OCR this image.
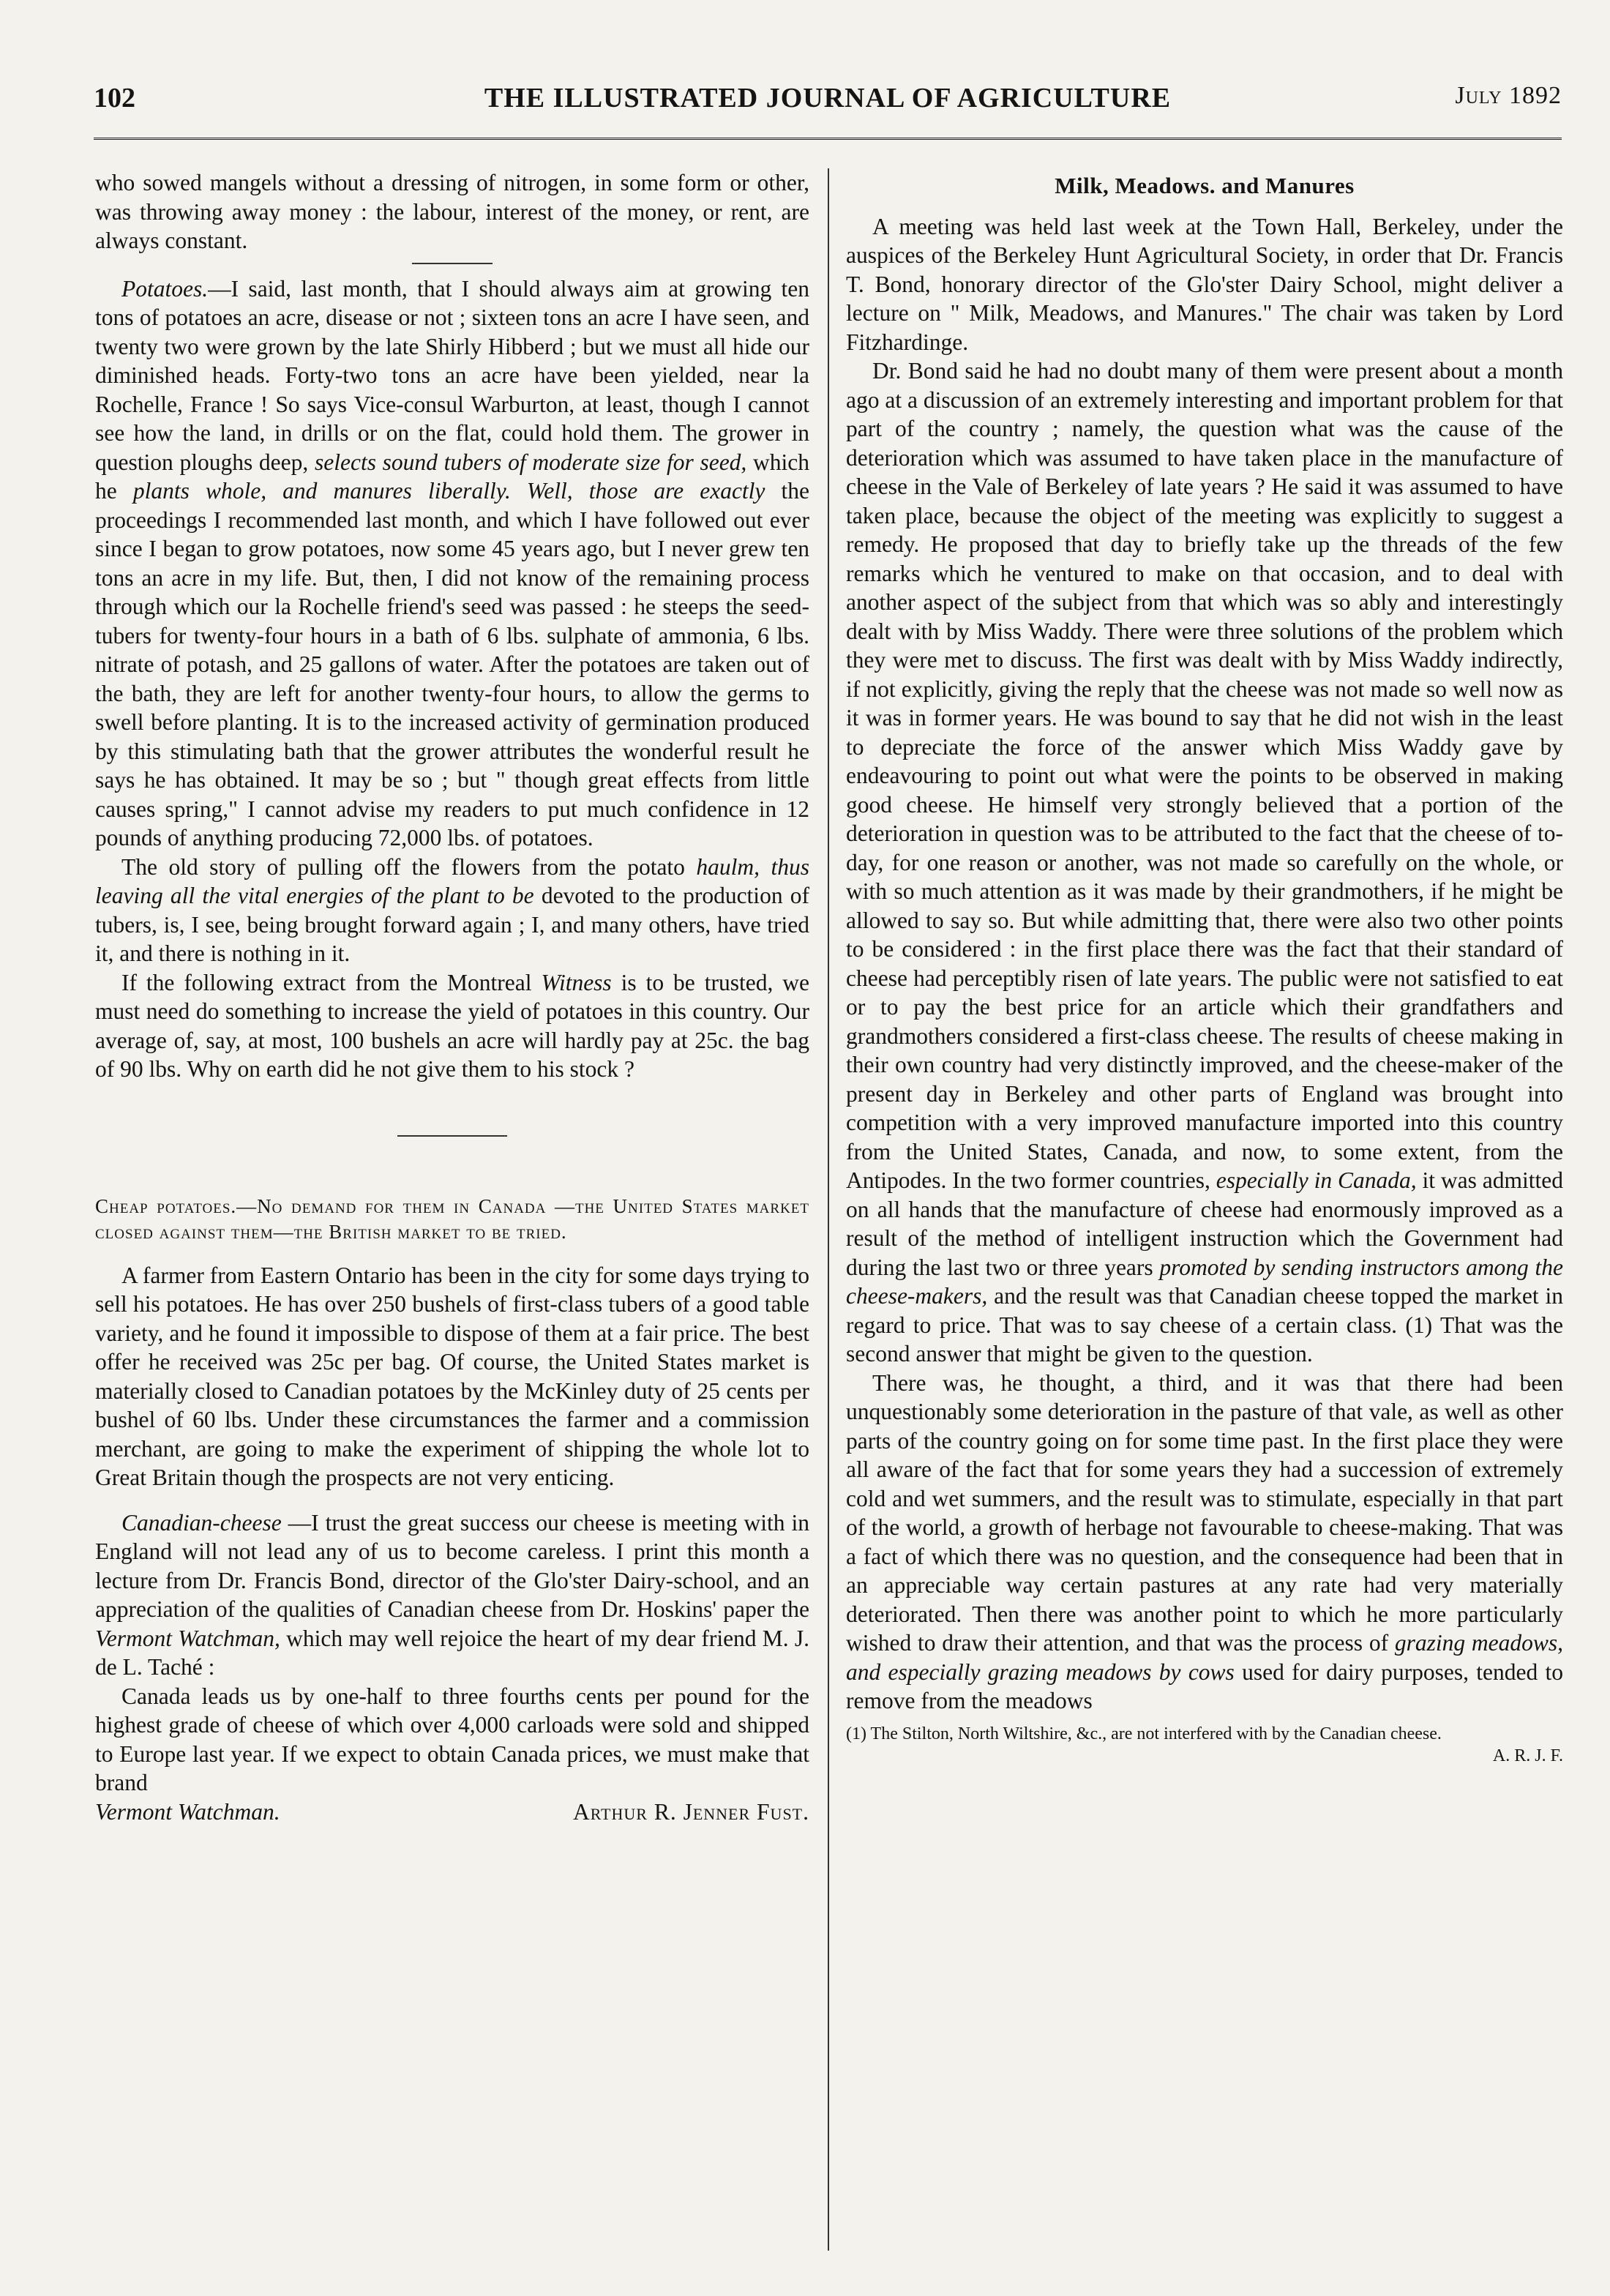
102	THE ILLUSTRATED JOURNAL OF AGRICULTURE	July 1892

who sowed mangels without a dressing of nitrogen, in some form or other, was throwing away money : the labour, interest of the money, or rent, are always constant.

Potatoes.—I said, last month, that I should always aim at growing ten tons of potatoes an acre, disease or not ; sixteen tons an acre I have seen, and twenty two were grown by the late Shirly Hibberd ; but we must all hide our diminished heads. Forty-two tons an acre have been yielded, near la Rochelle, France ! So says Vice-consul Warburton, at least, though I cannot see how the land, in drills or on the flat, could hold them. The grower in question ploughs deep, selects sound tubers of moderate size for seed, which he plants whole, and manures liberally. Well, those are exactly the proceedings I recommended last month, and which I have followed out ever since I began to grow potatoes, now some 45 years ago, but I never grew ten tons an acre in my life. But, then, I did not know of the remaining process through which our la Rochelle friend's seed was passed : he steeps the seed-tubers for twenty-four hours in a bath of 6 lbs. sulphate of ammonia, 6 lbs. nitrate of potash, and 25 gallons of water. After the potatoes are taken out of the bath, they are left for another twenty-four hours, to allow the germs to swell before planting. It is to the increased activity of germination produced by this stimulating bath that the grower attributes the wonderful result he says he has obtained. It may be so ; but " though great effects from little causes spring," I cannot advise my readers to put much confidence in 12 pounds of anything producing 72,000 lbs. of potatoes.

The old story of pulling off the flowers from the potato haulm, thus leaving all the vital energies of the plant to be devoted to the production of tubers, is, I see, being brought forward again ; I, and many others, have tried it, and there is nothing in it.

If the following extract from the Montreal Witness is to be trusted, we must need do something to increase the yield of potatoes in this country. Our average of, say, at most, 100 bushels an acre will hardly pay at 25c. the bag of 90 lbs. Why on earth did he not give them to his stock ?

Cheap potatoes.—No demand for them in Canada —the United States market closed against them—the British market to be tried.

A farmer from Eastern Ontario has been in the city for some days trying to sell his potatoes. He has over 250 bushels of first-class tubers of a good table variety, and he found it impossible to dispose of them at a fair price. The best offer he received was 25c per bag. Of course, the United States market is materially closed to Canadian potatoes by the McKinley duty of 25 cents per bushel of 60 lbs. Under these circumstances the farmer and a commission merchant, are going to make the experiment of shipping the whole lot to Great Britain though the prospects are not very enticing.

Canadian-cheese —I trust the great success our cheese is meeting with in England will not lead any of us to become careless. I print this month a lecture from Dr. Francis Bond, director of the Glo'ster Dairy-school, and an appreciation of the qualities of Canadian cheese from Dr. Hoskins' paper the Vermont Watchman, which may well rejoice the heart of my dear friend M. J. de L. Taché :

Canada leads us by one-half to three fourths cents per pound for the highest grade of cheese of which over 4,000 carloads were sold and shipped to Europe last year. If we expect to obtain Canada prices, we must make that brand

Vermont Watchman.	Arthur R. Jenner Fust.
Milk, Meadows. and Manures

A meeting was held last week at the Town Hall, Berkeley, under the auspices of the Berkeley Hunt Agricultural Society, in order that Dr. Francis T. Bond, honorary director of the Glo'ster Dairy School, might deliver a lecture on " Milk, Meadows, and Manures." The chair was taken by Lord Fitzhardinge.

Dr. Bond said he had no doubt many of them were present about a month ago at a discussion of an extremely interesting and important problem for that part of the country ; namely, the question what was the cause of the deterioration which was assumed to have taken place in the manufacture of cheese in the Vale of Berkeley of late years ? He said it was assumed to have taken place, because the object of the meeting was explicitly to suggest a remedy. He proposed that day to briefly take up the threads of the few remarks which he ventured to make on that occasion, and to deal with another aspect of the subject from that which was so ably and interestingly dealt with by Miss Waddy. There were three solutions of the problem which they were met to discuss. The first was dealt with by Miss Waddy indirectly, if not explicitly, giving the reply that the cheese was not made so well now as it was in former years. He was bound to say that he did not wish in the least to depreciate the force of the answer which Miss Waddy gave by endeavouring to point out what were the points to be observed in making good cheese. He himself very strongly believed that a portion of the deterioration in question was to be attributed to the fact that the cheese of to-day, for one reason or another, was not made so carefully on the whole, or with so much attention as it was made by their grandmothers, if he might be allowed to say so. But while admitting that, there were also two other points to be considered : in the first place there was the fact that their standard of cheese had perceptibly risen of late years. The public were not satisfied to eat or to pay the best price for an article which their grandfathers and grandmothers considered a first-class cheese. The results of cheese making in their own country had very distinctly improved, and the cheese-maker of the present day in Berkeley and other parts of England was brought into competition with a very improved manufacture imported into this country from the United States, Canada, and now, to some extent, from the Antipodes. In the two former countries, especially in Canada, it was admitted on all hands that the manufacture of cheese had enormously improved as a result of the method of intelligent instruction which the Government had during the last two or three years promoted by sending instructors among the cheese-makers, and the result was that Canadian cheese topped the market in regard to price. That was to say cheese of a certain class. (1) That was the second answer that might be given to the question.

There was, he thought, a third, and it was that there had been unquestionably some deterioration in the pasture of that vale, as well as other parts of the country going on for some time past. In the first place they were all aware of the fact that for some years they had a succession of extremely cold and wet summers, and the result was to stimulate, especially in that part of the world, a growth of herbage not favourable to cheese-making. That was a fact of which there was no question, and the consequence had been that in an appreciable way certain pastures at any rate had very materially deteriorated. Then there was another point to which he more particularly wished to draw their attention, and that was the process of grazing meadows, and especially grazing meadows by cows used for dairy purposes, tended to remove from the meadows

(1) The Stilton, North Wiltshire, &c., are not interfered with by the Canadian cheese.
A. R. J. F.
